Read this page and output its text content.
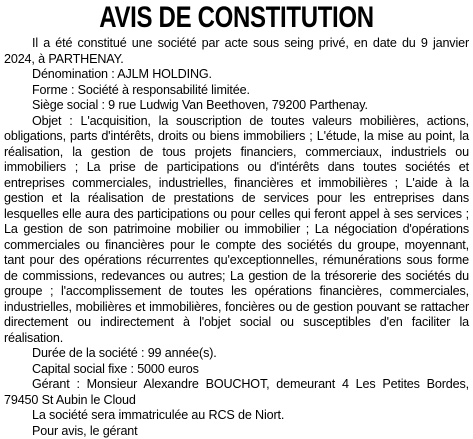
AVIS DE CONSTITUTION

Il a été constitué une société par acte sous seing privé, en date du 9 janvier 2024, à PARTHENAY.

Dénomination : AJLM HOLDING.

Forme : Société à responsabilité limitée.

Siège social : 9 rue Ludwig Van Beethoven, 79200 Parthenay.

Objet : L'acquisition, la souscription de toutes valeurs mobilières, actions, obligations, parts d'intérêts, droits ou biens immobiliers ; L'étude, la mise au point, la réalisation, la gestion de tous projets financiers, commerciaux, industriels ou immobiliers ; La prise de participations ou d'intérêts dans toutes sociétés et entreprises commerciales, industrielles, financières et immobilières ; L'aide à la gestion et la réalisation de prestations de services pour les entreprises dans lesquelles elle aura des participations ou pour celles qui feront appel à ses services ; La gestion de son patrimoine mobilier ou immobilier ; La négociation d'opérations commerciales ou financières pour le compte des sociétés du groupe, moyennant, tant pour des opérations récurrentes qu'exceptionnelles, rémunérations sous forme de commissions, redevances ou autres; La gestion de la trésorerie des sociétés du groupe ; l'accomplissement de toutes les opérations financières, commerciales, industrielles, mobilières et immobilières, foncières ou de gestion pouvant se rattacher directement ou indirectement à l'objet social ou susceptibles d'en faciliter la réalisation.

Durée de la société : 99 année(s).

Capital social fixe : 5000 euros

Gérant : Monsieur Alexandre BOUCHOT, demeurant 4 Les Petites Bordes, 79450 St Aubin le Cloud

La société sera immatriculée au RCS de Niort.

Pour avis, le gérant
